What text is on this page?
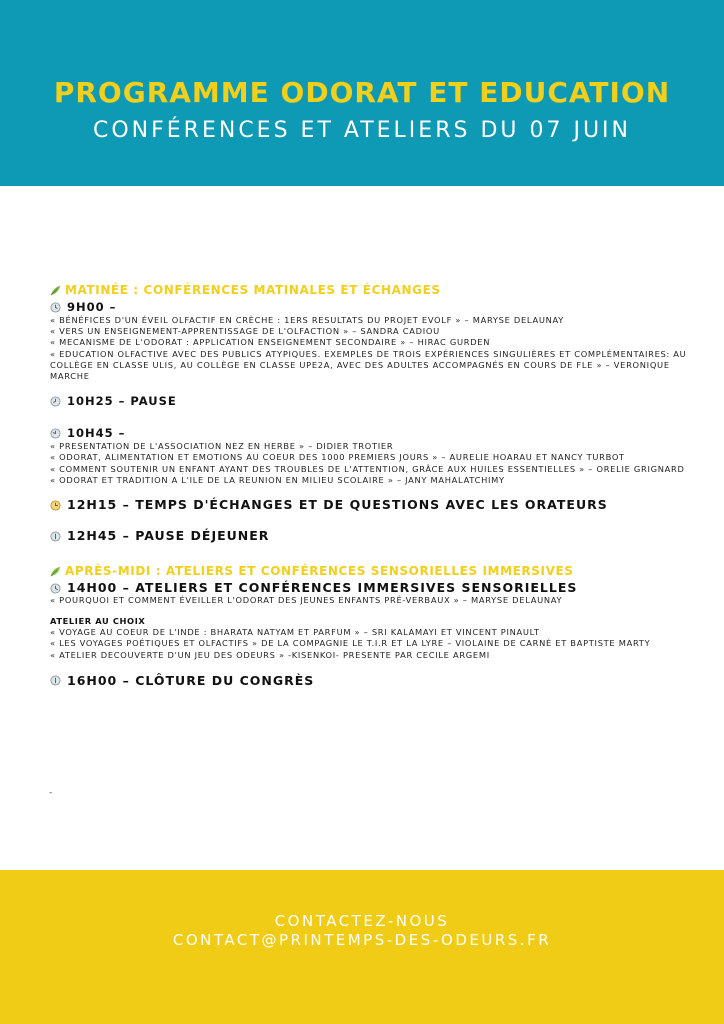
PROGRAMME ODORAT ET EDUCATION
CONFÉRENCES ET ATELIERS DU 07 JUIN
MATINÉE : CONFÉRENCES MATINALES ET ÉCHANGES
9H00 –
« BÉNÉFICES D'UN ÉVEIL OLFACTIF EN CRÈCHE : 1ERS RESULTATS DU PROJET EVOLF » – MARYSE DELAUNAY
« VERS UN ENSEIGNEMENT-APPRENTISSAGE DE L'OLFACTION » – SANDRA CADIOU
« MECANISME DE L'ODORAT : APPLICATION ENSEIGNEMENT SECONDAIRE » – HIRAC GURDEN
« EDUCATION OLFACTIVE AVEC DES PUBLICS ATYPIQUES. EXEMPLES DE TROIS EXPÉRIENCES SINGULIÈRES ET COMPLÉMENTAIRES: AU COLLÈGE EN CLASSE ULIS, AU COLLÈGE EN CLASSE UPE2A, AVEC DES ADULTES ACCOMPAGNÉS EN COURS DE FLE » – VERONIQUE MARCHE
10H25 – PAUSE
10H45 –
« PRESENTATION DE L'ASSOCIATION NEZ EN HERBE » – DIDIER TROTIER
« ODORAT, ALIMENTATION ET EMOTIONS AU COEUR DES 1000 PREMIERS JOURS » – AURELIE HOARAU ET NANCY TURBOT
« COMMENT SOUTENIR UN ENFANT AYANT DES TROUBLES DE L'ATTENTION, GRÂCE AUX HUILES ESSENTIELLES » – ORELIE GRIGNARD
« ODORAT ET TRADITION A L'ILE DE LA REUNION EN MILIEU SCOLAIRE » – JANY MAHALATCHIMY
12H15 – TEMPS D'ÉCHANGES ET DE QUESTIONS AVEC LES ORATEURS
12H45 – PAUSE DÉJEUNER
APRÈS-MIDI : ATELIERS ET CONFÉRENCES SENSORIELLES IMMERSIVES
14H00 – ATELIERS ET CONFÉRENCES IMMERSIVES SENSORIELLES
« POURQUOI ET COMMENT ÉVEILLER L'ODORAT DES JEUNES ENFANTS PRÉ-VERBAUX » – MARYSE DELAUNAY
ATELIER AU CHOIX
« VOYAGE AU COEUR DE L'INDE : BHARATA NATYAM ET PARFUM » – SRI KALAMAYI ET VINCENT PINAULT
« LES VOYAGES POÉTIQUES ET OLFACTIFS » DE LA COMPAGNIE LE T.I.R ET LA LYRE – VIOLAINE DE CARNÉ ET BAPTISTE MARTY
« ATELIER DECOUVERTE D'UN JEU DES ODEURS » -KISENKOI- PRESENTE PAR CECILE ARGEMI
16H00 – CLÔTURE DU CONGRÈS
-
CONTACTEZ-NOUS
CONTACT@PRINTEMPS-DES-ODEURS.FR
